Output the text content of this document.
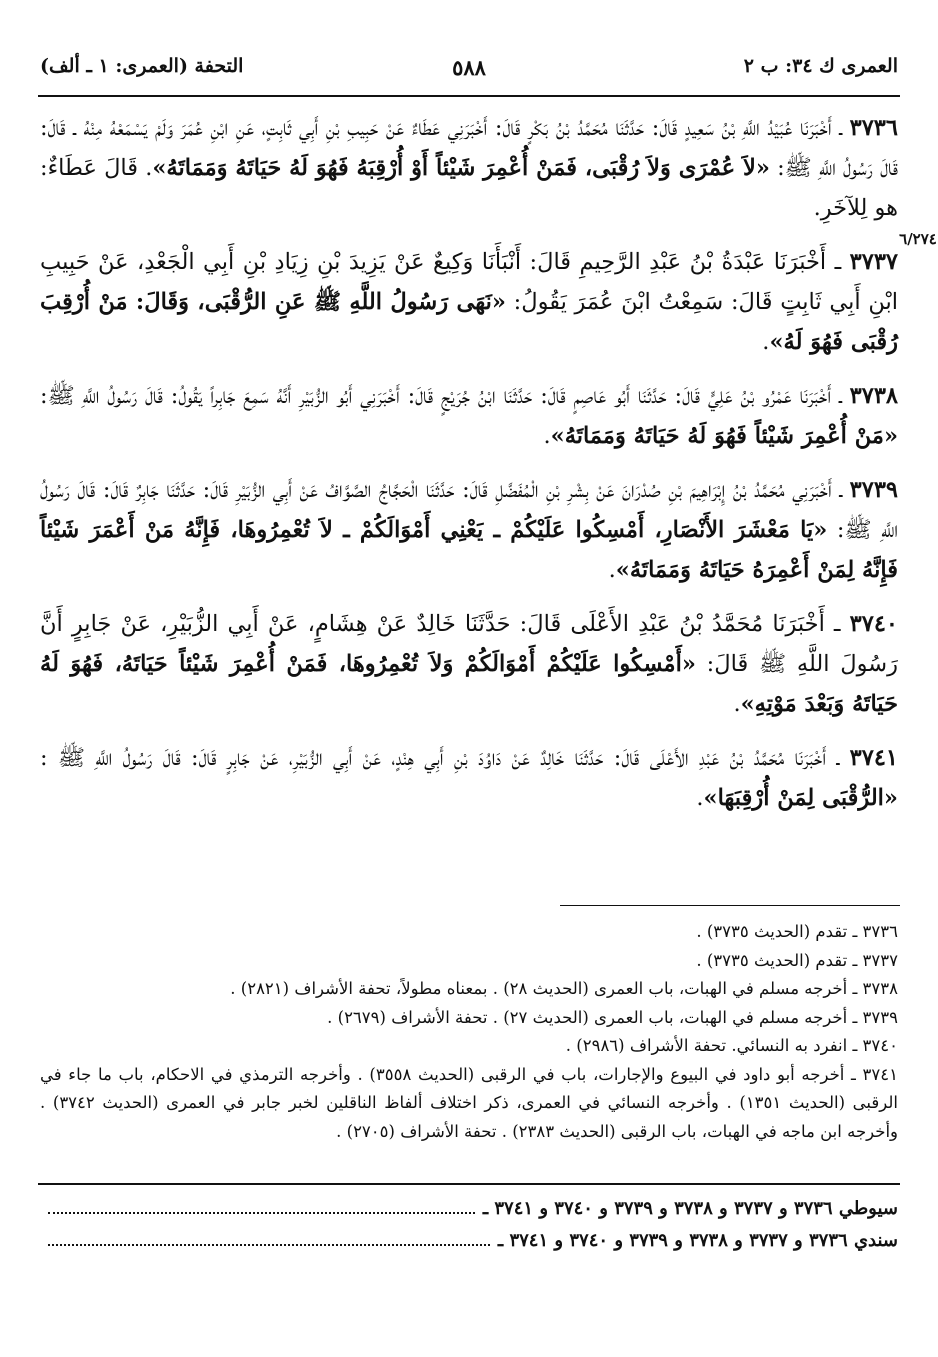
العمرى ك ٣٤: ب ٢
٥٨٨
التحفة (العمرى: ١ ـ ألف)
٦/٢٧٤

٣٧٣٦ ـ أَخْبَرَنَا عُبَيْدُ اللَّهِ بْنُ سَعِيدٍ قَالَ: حَدَّثَنَا مُحَمَّدُ بْنُ بَكْرٍ قَالَ: أَخْبَرَنِي عَطَاءٌ عَنْ حَبِيبِ بْنِ أَبِي ثَابِتٍ، عَنِ ابْنِ عُمَرَ وَلَمْ يَسْمَعْهُ مِنْهُ ـ قَالَ: قَالَ رَسُولُ اللَّهِ ﷺ: «لاَ عُمْرَى وَلاَ رُقْبَى، فَمَنْ أُعْمِرَ شَيْئاً أَوْ أُرْقِبَهُ فَهُوَ لَهُ حَيَاتَهُ وَمَمَاتَهُ». قَالَ عَطَاءٌ: هو لِلآخَرِ.

٣٧٣٧ ـ أَخْبَرَنَا عَبْدَةُ بْنُ عَبْدِ الرَّحِيمِ قَالَ: أَنْبَأَنَا وَكِيعٌ عَنْ يَزِيدَ بْنِ زِيَادِ بْنِ أَبِي الْجَعْدِ، عَنْ حَبِيبِ ابْنِ أَبِي ثَابِتٍ قَالَ: سَمِعْتُ ابْنَ عُمَرَ يَقُولُ: «نَهَى رَسُولُ اللَّهِ ﷺ عَنِ الرُّقْبَى، وَقَالَ: مَنْ أُرْقِبَ رُقْبَى فَهُوَ لَهُ».

٣٧٣٨ ـ أَخْبَرَنَا عَمْرُو بْنُ عَلِيٍّ قَالَ: حَدَّثَنَا أَبُو عَاصِمٍ قَالَ: حَدَّثَنَا ابْنُ جُرَيْجٍ قَالَ: أَخْبَرَنِي أَبُو الزُّبَيْرِ أَنَّهُ سَمِعَ جَابِراً يَقُولُ: قَالَ رَسُولُ اللَّهِ ﷺ: «مَنْ أُعْمِرَ شَيْئاً فَهُوَ لَهُ حَيَاتَهُ وَمَمَاتَهُ».

٣٧٣٩ ـ أَخْبَرَنِي مُحَمَّدُ بْنُ إِبْرَاهِيمَ بْنِ صُدْرَانَ عَنْ بِشْرِ بْنِ الْمُفَضَّلِ قَالَ: حَدَّثَنَا الْحَجَّاجُ الصَّوَّافُ عَنْ أَبِي الزُّبَيْرِ قَالَ: حَدَّثَنَا جَابِرٌ قَالَ: قَالَ رَسُولُ اللَّهِ ﷺ: «يَا مَعْشَرَ الأَنْصَارِ، أَمْسِكُوا عَلَيْكُمْ ـ يَعْنِي أَمْوَالَكُمْ ـ لاَ تُعْمِرُوهَا، فَإِنَّهُ مَنْ أَعْمَرَ شَيْئاً فَإِنَّهُ لِمَنْ أَعْمِرَهُ حَيَاتَهُ وَمَمَاتَهُ».

٣٧٤٠ ـ أَخْبَرَنَا مُحَمَّدُ بْنُ عَبْدِ الأَعْلَى قَالَ: حَدَّثَنَا خَالِدٌ عَنْ هِشَامٍ، عَنْ أَبِي الزُّبَيْرِ، عَنْ جَابِرٍ أَنَّ رَسُولَ اللَّهِ ﷺ قَالَ: «أَمْسِكُوا عَلَيْكُمْ أَمْوَالَكُمْ وَلاَ تُعْمِرُوهَا، فَمَنْ أُعْمِرَ شَيْئاً حَيَاتَهُ، فَهُوَ لَهُ حَيَاتَهُ وَبَعْدَ مَوْتِهِ».

٣٧٤١ ـ أَخْبَرَنَا مُحَمَّدُ بْنُ عَبْدِ الأَعْلَى قَالَ: حَدَّثَنَا خَالِدٌ عَنْ دَاوُدَ بْنِ أَبِي هِنْدٍ، عَنْ أَبِي الزُّبَيْرِ، عَنْ جَابِرٍ قَالَ: قَالَ رَسُولُ اللَّهِ ﷺ : «الرُّقْبَى لِمَنْ أُرْقِبَهَا».

٣٧٣٦ ـ تقدم (الحديث ٣٧٣٥) .

٣٧٣٧ ـ تقدم (الحديث ٣٧٣٥) .

٣٧٣٨ ـ أخرجه مسلم في الهبات، باب العمرى (الحديث ٢٨) . بمعناه مطولاً، تحفة الأشراف (٢٨٢١) .

٣٧٣٩ ـ أخرجه مسلم في الهبات، باب العمرى (الحديث ٢٧) . تحفة الأشراف (٢٦٧٩) .

٣٧٤٠ ـ انفرد به النسائي. تحفة الأشراف (٢٩٨٦) .

٣٧٤١ ـ أخرجه أبو داود في البيوع والإجارات، باب في الرقبى (الحديث ٣٥٥٨) . وأخرجه الترمذي في الاحكام، باب ما جاء في الرقبى (الحديث ١٣٥١) . وأخرجه النسائي في العمرى، ذكر اختلاف ألفاظ الناقلين لخبر جابر في العمرى (الحديث ٣٧٤٢) . وأخرجه ابن ماجه في الهبات، باب الرقبى (الحديث ٢٣٨٣) . تحفة الأشراف (٢٧٠٥) .

سيوطي ٣٧٣٦ و ٣٧٣٧ و ٣٧٣٨ و ٣٧٣٩ و ٣٧٤٠ و ٣٧٤١ ـ
سندي ٣٧٣٦ و ٣٧٣٧ و ٣٧٣٨ و ٣٧٣٩ و ٣٧٤٠ و ٣٧٤١ ـ
